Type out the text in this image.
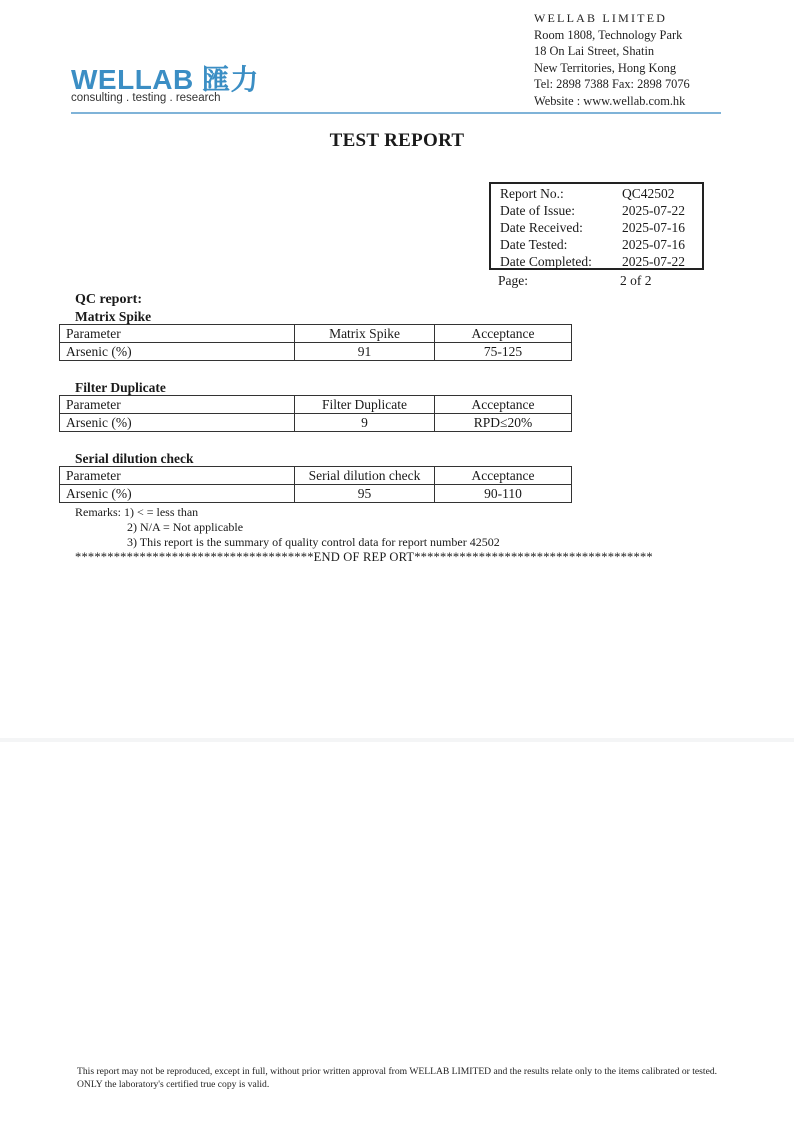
WELLAB 匯力
consulting . testing . research
WELLAB LIMITED
Room 1808, Technology Park
18 On Lai Street, Shatin
New Territories, Hong Kong
Tel: 2898 7388 Fax: 2898 7076
Website : www.wellab.com.hk
TEST REPORT
Report No.:	QC42502
Date of Issue:	2025-07-22
Date Received:	2025-07-16
Date Tested:	2025-07-16
Date Completed: 2025-07-22
Page:	2 of 2
QC report:
Matrix Spike
Parameter	Matrix Spike	Acceptance
Arsenic (%)	91	75-125
Filter Duplicate
Parameter	Filter Duplicate	Acceptance
Arsenic (%)	9	RPD≤20%
Serial dilution check
Parameter	Serial dilution check	Acceptance
Arsenic (%)	95	90-110
Remarks: 1) < = less than
2) N/A = Not applicable
3) This report is the summary of quality control data for report number 42502
*************************************END OF REP ORT*************************************
This report may not be reproduced, except in full, without prior written approval from WELLAB LIMITED and the results relate only to the items calibrated or tested. ONLY the laboratory's certified true copy is valid.
